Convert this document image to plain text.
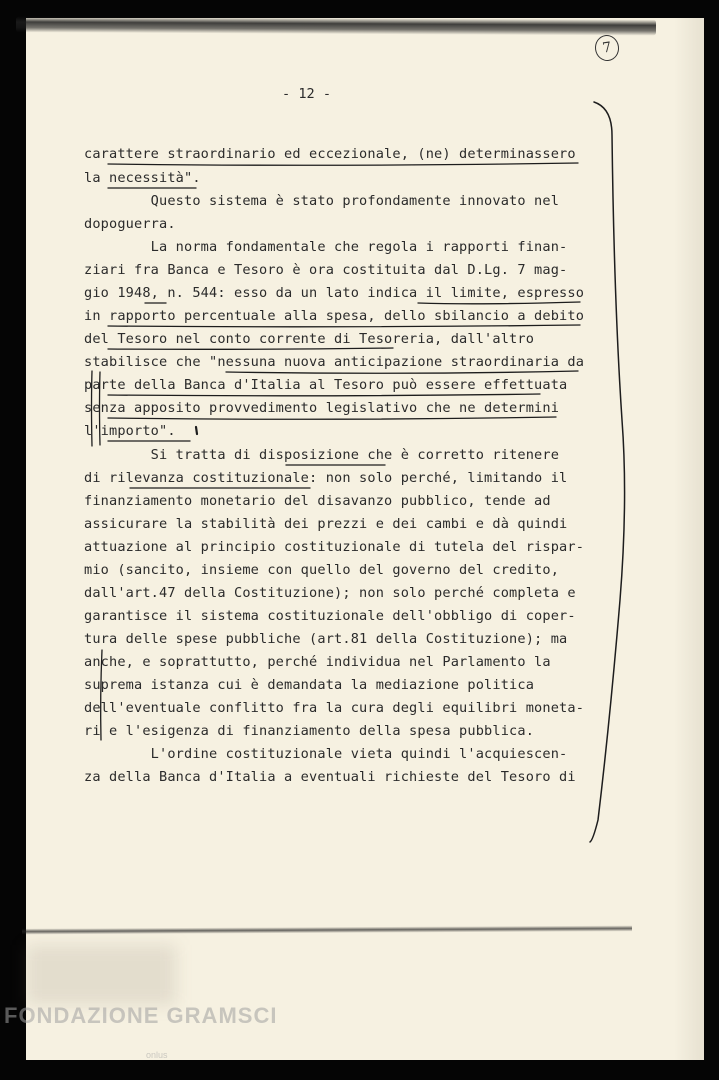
7
- 12 -
carattere straordinario ed eccezionale, (ne) determinassero
la necessità".
Questo sistema è stato profondamente innovato nel
dopoguerra.
La norma fondamentale che regola i rapporti finan-
ziari fra Banca e Tesoro è ora costituita dal D.Lg. 7 mag-
gio 1948, n. 544: esso da un lato indica il limite, espresso
in rapporto percentuale alla spesa, dello sbilancio a debito
del Tesoro nel conto corrente di Tesoreria, dall'altro
stabilisce che "nessuna nuova anticipazione straordinaria da
parte della Banca d'Italia al Tesoro può essere effettuata
senza apposito provvedimento legislativo che ne determini
l'importo".
Si tratta di disposizione che è corretto ritenere
di rilevanza costituzionale: non solo perché, limitando il
finanziamento monetario del disavanzo pubblico, tende ad
assicurare la stabilità dei prezzi e dei cambi e dà quindi
attuazione al principio costituzionale di tutela del rispar-
mio (sancito, insieme con quello del governo del credito,
dall'art.47 della Costituzione); non solo perché completa e
garantisce il sistema costituzionale dell'obbligo di coper-
tura delle spese pubbliche (art.81 della Costituzione); ma
anche, e soprattutto, perché individua nel Parlamento la
suprema istanza cui è demandata la mediazione politica
dell'eventuale conflitto fra la cura degli equilibri moneta-
ri e l'esigenza di finanziamento della spesa pubblica.
L'ordine costituzionale vieta quindi l'acquiescen-
za della Banca d'Italia a eventuali richieste del Tesoro di
FONDAZIONE GRAMSCI
onlus
